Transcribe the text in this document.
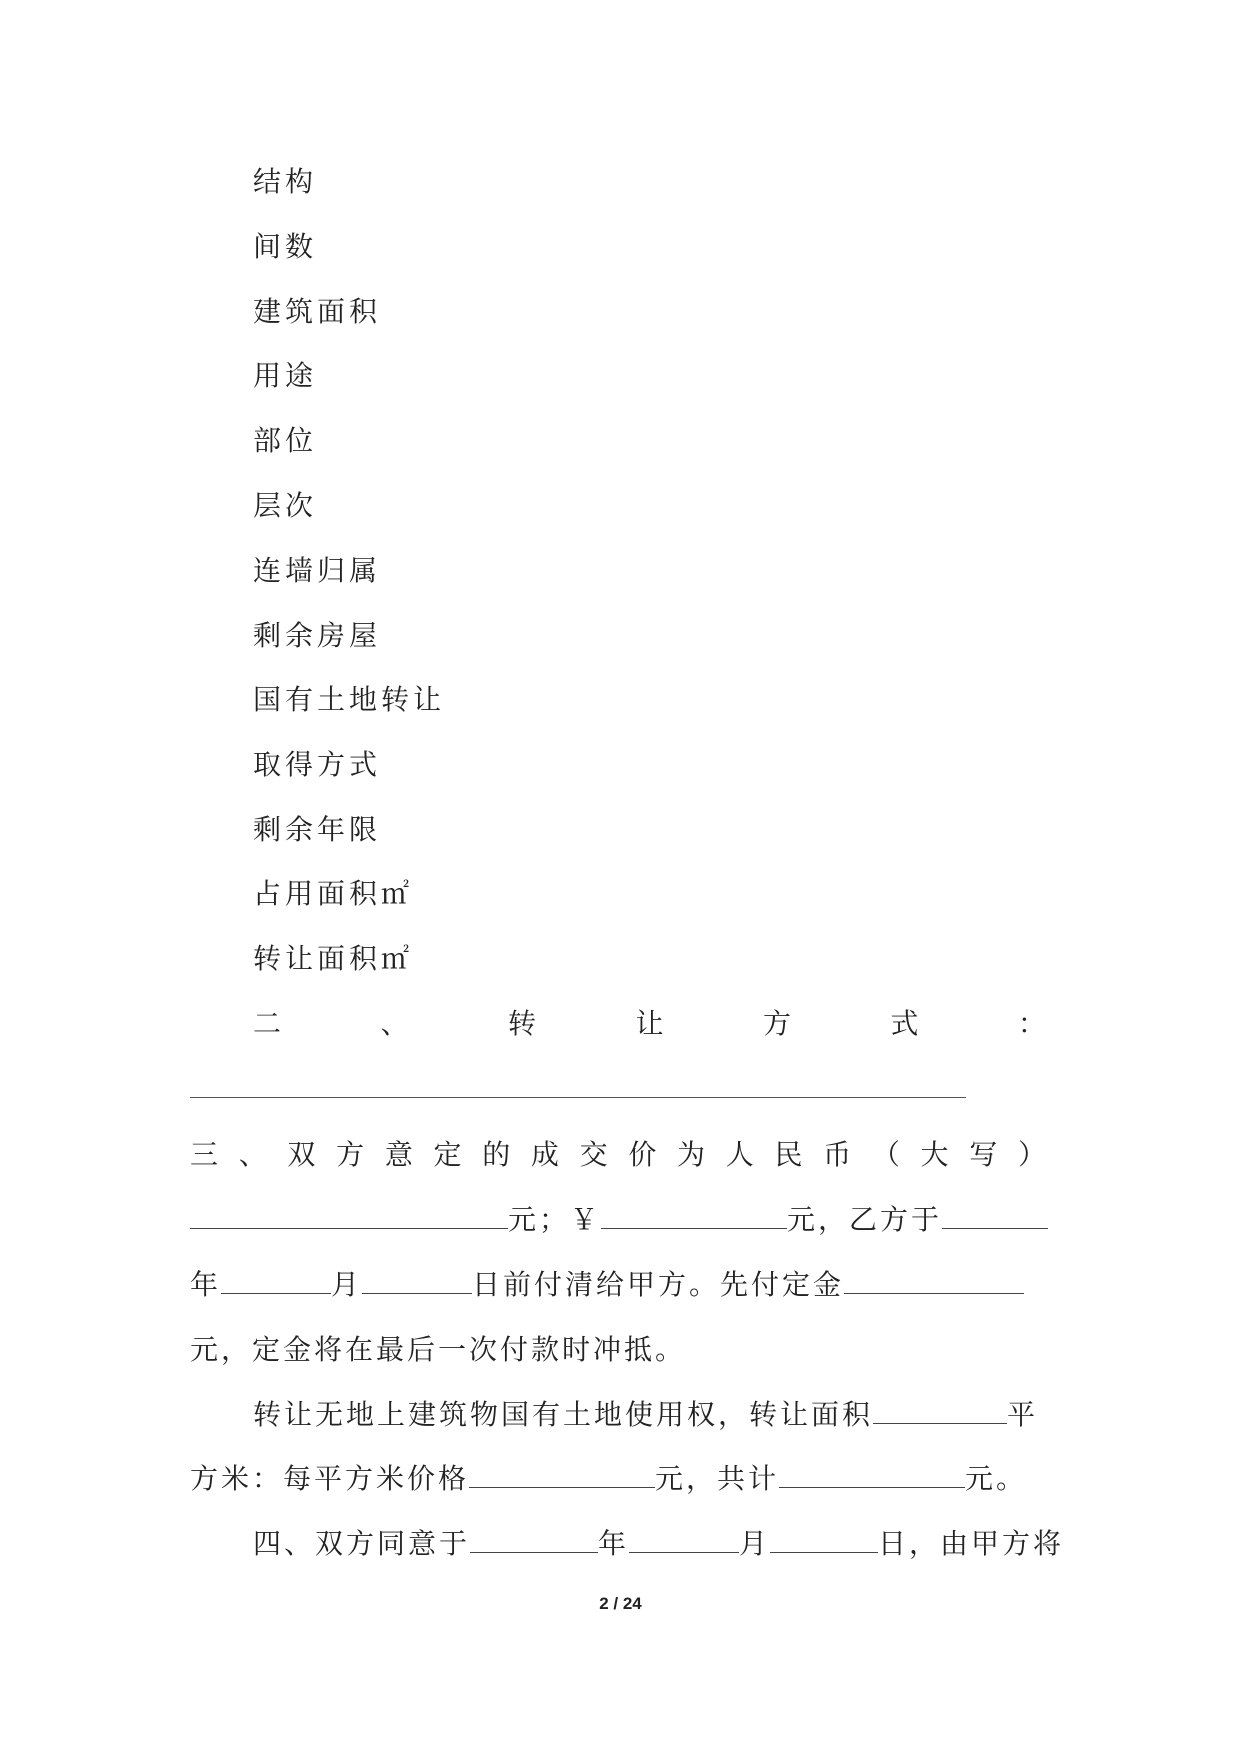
结构
间数
建筑面积
用途
部位
层次
连墙归属
剩余房屋
国有土地转让
取得方式
剩余年限
占用面积㎡
转让面积㎡
二	、	转	让	方	式	：
三 、 双 方 意 定 的 成 交 价 为 人 民 币 （ 大 写 ）
元；￥	元，乙方于
年	月	日前付清给甲方。先付定金
元，定金将在最后一次付款时冲抵。
转让无地上建筑物国有土地使用权，转让面积	平
方米：每平方米价格	元，共计	元。
四、双方同意于	年	月	日，由甲方将
2 / 24
